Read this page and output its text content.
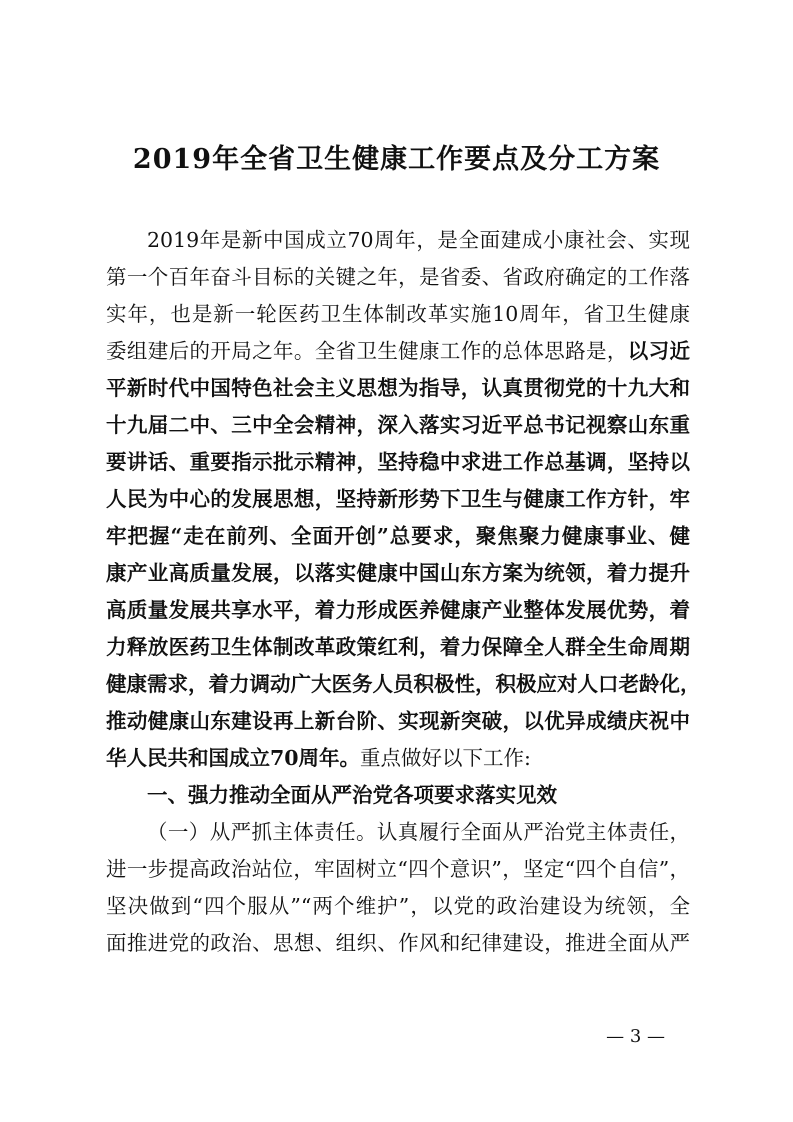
2019年全省卫生健康工作要点及分工方案

2019年是新中国成立70周年，是全面建成小康社会、实现
第一个百年奋斗目标的关键之年，是省委、省政府确定的工作落
实年，也是新一轮医药卫生体制改革实施10周年，省卫生健康
委组建后的开局之年。全省卫生健康工作的总体思路是，以习近
平新时代中国特色社会主义思想为指导，认真贯彻党的十九大和
十九届二中、三中全会精神，深入落实习近平总书记视察山东重
要讲话、重要指示批示精神，坚持稳中求进工作总基调，坚持以
人民为中心的发展思想，坚持新形势下卫生与健康工作方针，牢
牢把握“走在前列、全面开创”总要求，聚焦聚力健康事业、健
康产业高质量发展，以落实健康中国山东方案为统领，着力提升
高质量发展共享水平，着力形成医养健康产业整体发展优势，着
力释放医药卫生体制改革政策红利，着力保障全人群全生命周期
健康需求，着力调动广大医务人员积极性，积极应对人口老龄化，
推动健康山东建设再上新台阶、实现新突破，以优异成绩庆祝中
华人民共和国成立70周年。重点做好以下工作:

一、强力推动全面从严治党各项要求落实见效

（一）从严抓主体责任。认真履行全面从严治党主体责任，
进一步提高政治站位，牢固树立“四个意识”，坚定“四个自信”，
坚决做到“四个服从”“两个维护”，以党的政治建设为统领，全
面推进党的政治、思想、组织、作风和纪律建设，推进全面从严

— 3 —
